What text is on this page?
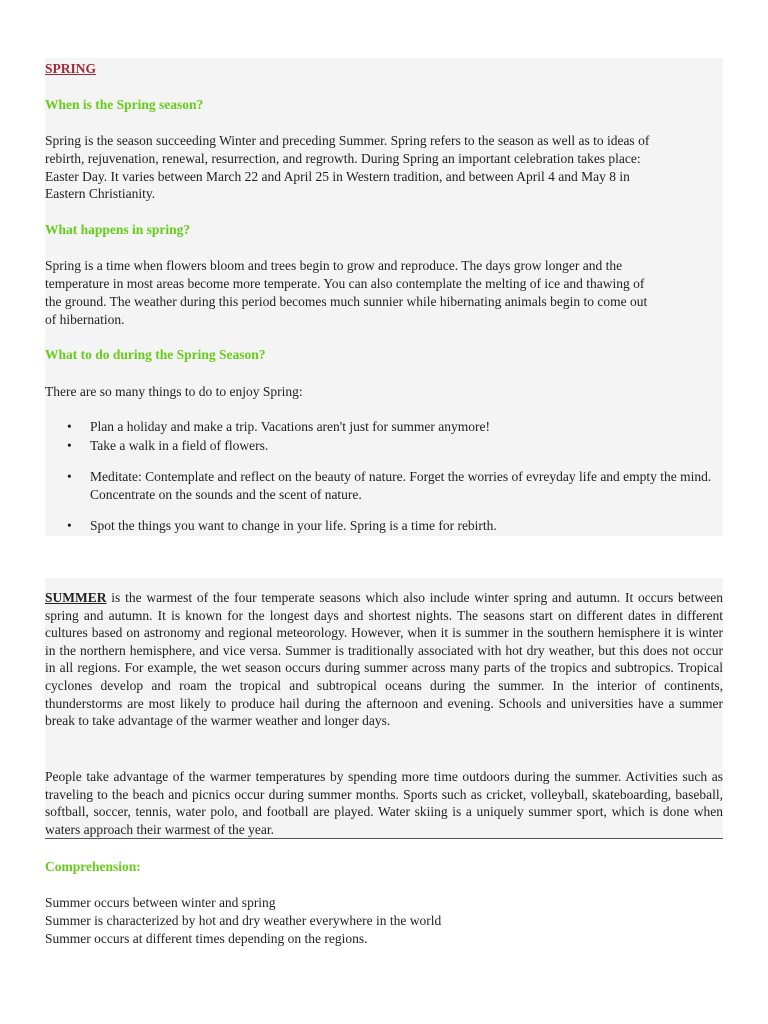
SPRING
When is the Spring season?
Spring is the season succeeding Winter and preceding Summer. Spring refers to the season as well as to ideas of
rebirth, rejuvenation, renewal, resurrection, and regrowth. During Spring an important celebration takes place:
Easter Day. It varies between March 22 and April 25 in Western tradition, and between April 4 and May 8 in
Eastern Christianity.
What happens in spring?
Spring is a time when flowers bloom and trees begin to grow and reproduce. The days grow longer and the
temperature in most areas become more temperate. You can also contemplate the melting of ice and thawing of
the ground. The weather during this period becomes much sunnier while hibernating animals begin to come out
of hibernation.
What to do during the Spring Season?
There are so many things to do to enjoy Spring:
• Plan a holiday and make a trip. Vacations aren't just for summer anymore!
• Take a walk in a field of flowers.
• Meditate: Contemplate and reflect on the beauty of nature. Forget the worries of evreyday life and empty the mind. Concentrate on the sounds and the scent of nature.
• Spot the things you want to change in your life. Spring is a time for rebirth.
SUMMER is the warmest of the four temperate seasons which also include winter spring and autumn. It occurs between spring and autumn. It is known for the longest days and shortest nights. The seasons start on different dates in different cultures based on astronomy and regional meteorology. However, when it is summer in the southern hemisphere it is winter in the northern hemisphere, and vice versa. Summer is traditionally associated with hot dry weather, but this does not occur in all regions. For example, the wet season occurs during summer across many parts of the tropics and subtropics. Tropical cyclones develop and roam the tropical and subtropical oceans during the summer. In the interior of continents, thunderstorms are most likely to produce hail during the afternoon and evening. Schools and universities have a summer break to take advantage of the warmer weather and longer days.
People take advantage of the warmer temperatures by spending more time outdoors during the summer. Activities such as traveling to the beach and picnics occur during summer months. Sports such as cricket, volleyball, skateboarding, baseball, softball, soccer, tennis, water polo, and football are played. Water skiing is a uniquely summer sport, which is done when waters approach their warmest of the year.
Comprehension:
Summer occurs between winter and spring
Summer is characterized by hot and dry weather everywhere in the world
Summer occurs at different times depending on the regions.
